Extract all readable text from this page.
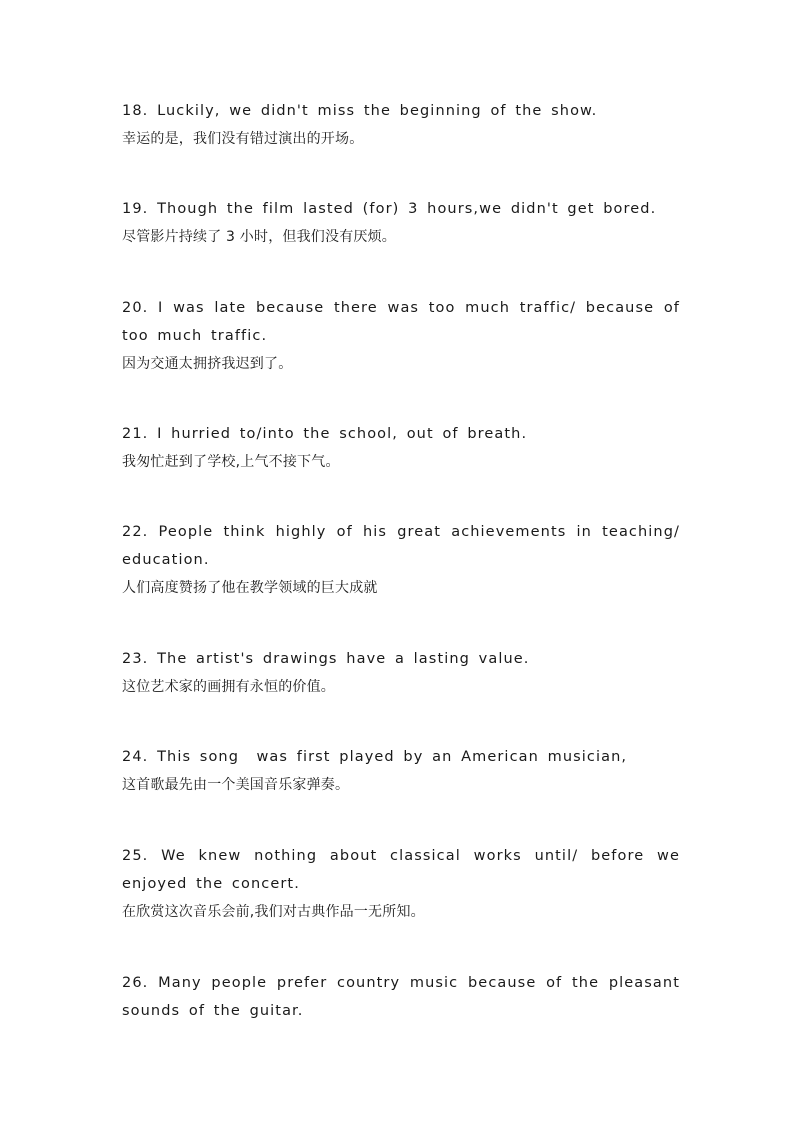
18. Luckily, we didn't miss the beginning of the show.

幸运的是，我们没有错过演出的开场。

19. Though the film lasted (for) 3 hours,we didn't get bored.

尽管影片持续了 3 小时，但我们没有厌烦。

20. I was late because there was too much traffic/ because of too much traffic.

因为交通太拥挤我迟到了。

21. I hurried to/into the school, out of breath.

我匆忙赶到了学校,上气不接下气。

22. People think highly of his great achievements in teaching/ education.

人们高度赞扬了他在教学领域的巨大成就

23. The artist's drawings have a lasting value.

这位艺术家的画拥有永恒的价值。

24. This song  was first played by an American musician,

这首歌最先由一个美国音乐家弹奏。

25. We knew nothing about classical works until/ before we enjoyed the concert.

在欣赏这次音乐会前,我们对古典作品一无所知。

26. Many people prefer country music because of the pleasant sounds of the guitar.
